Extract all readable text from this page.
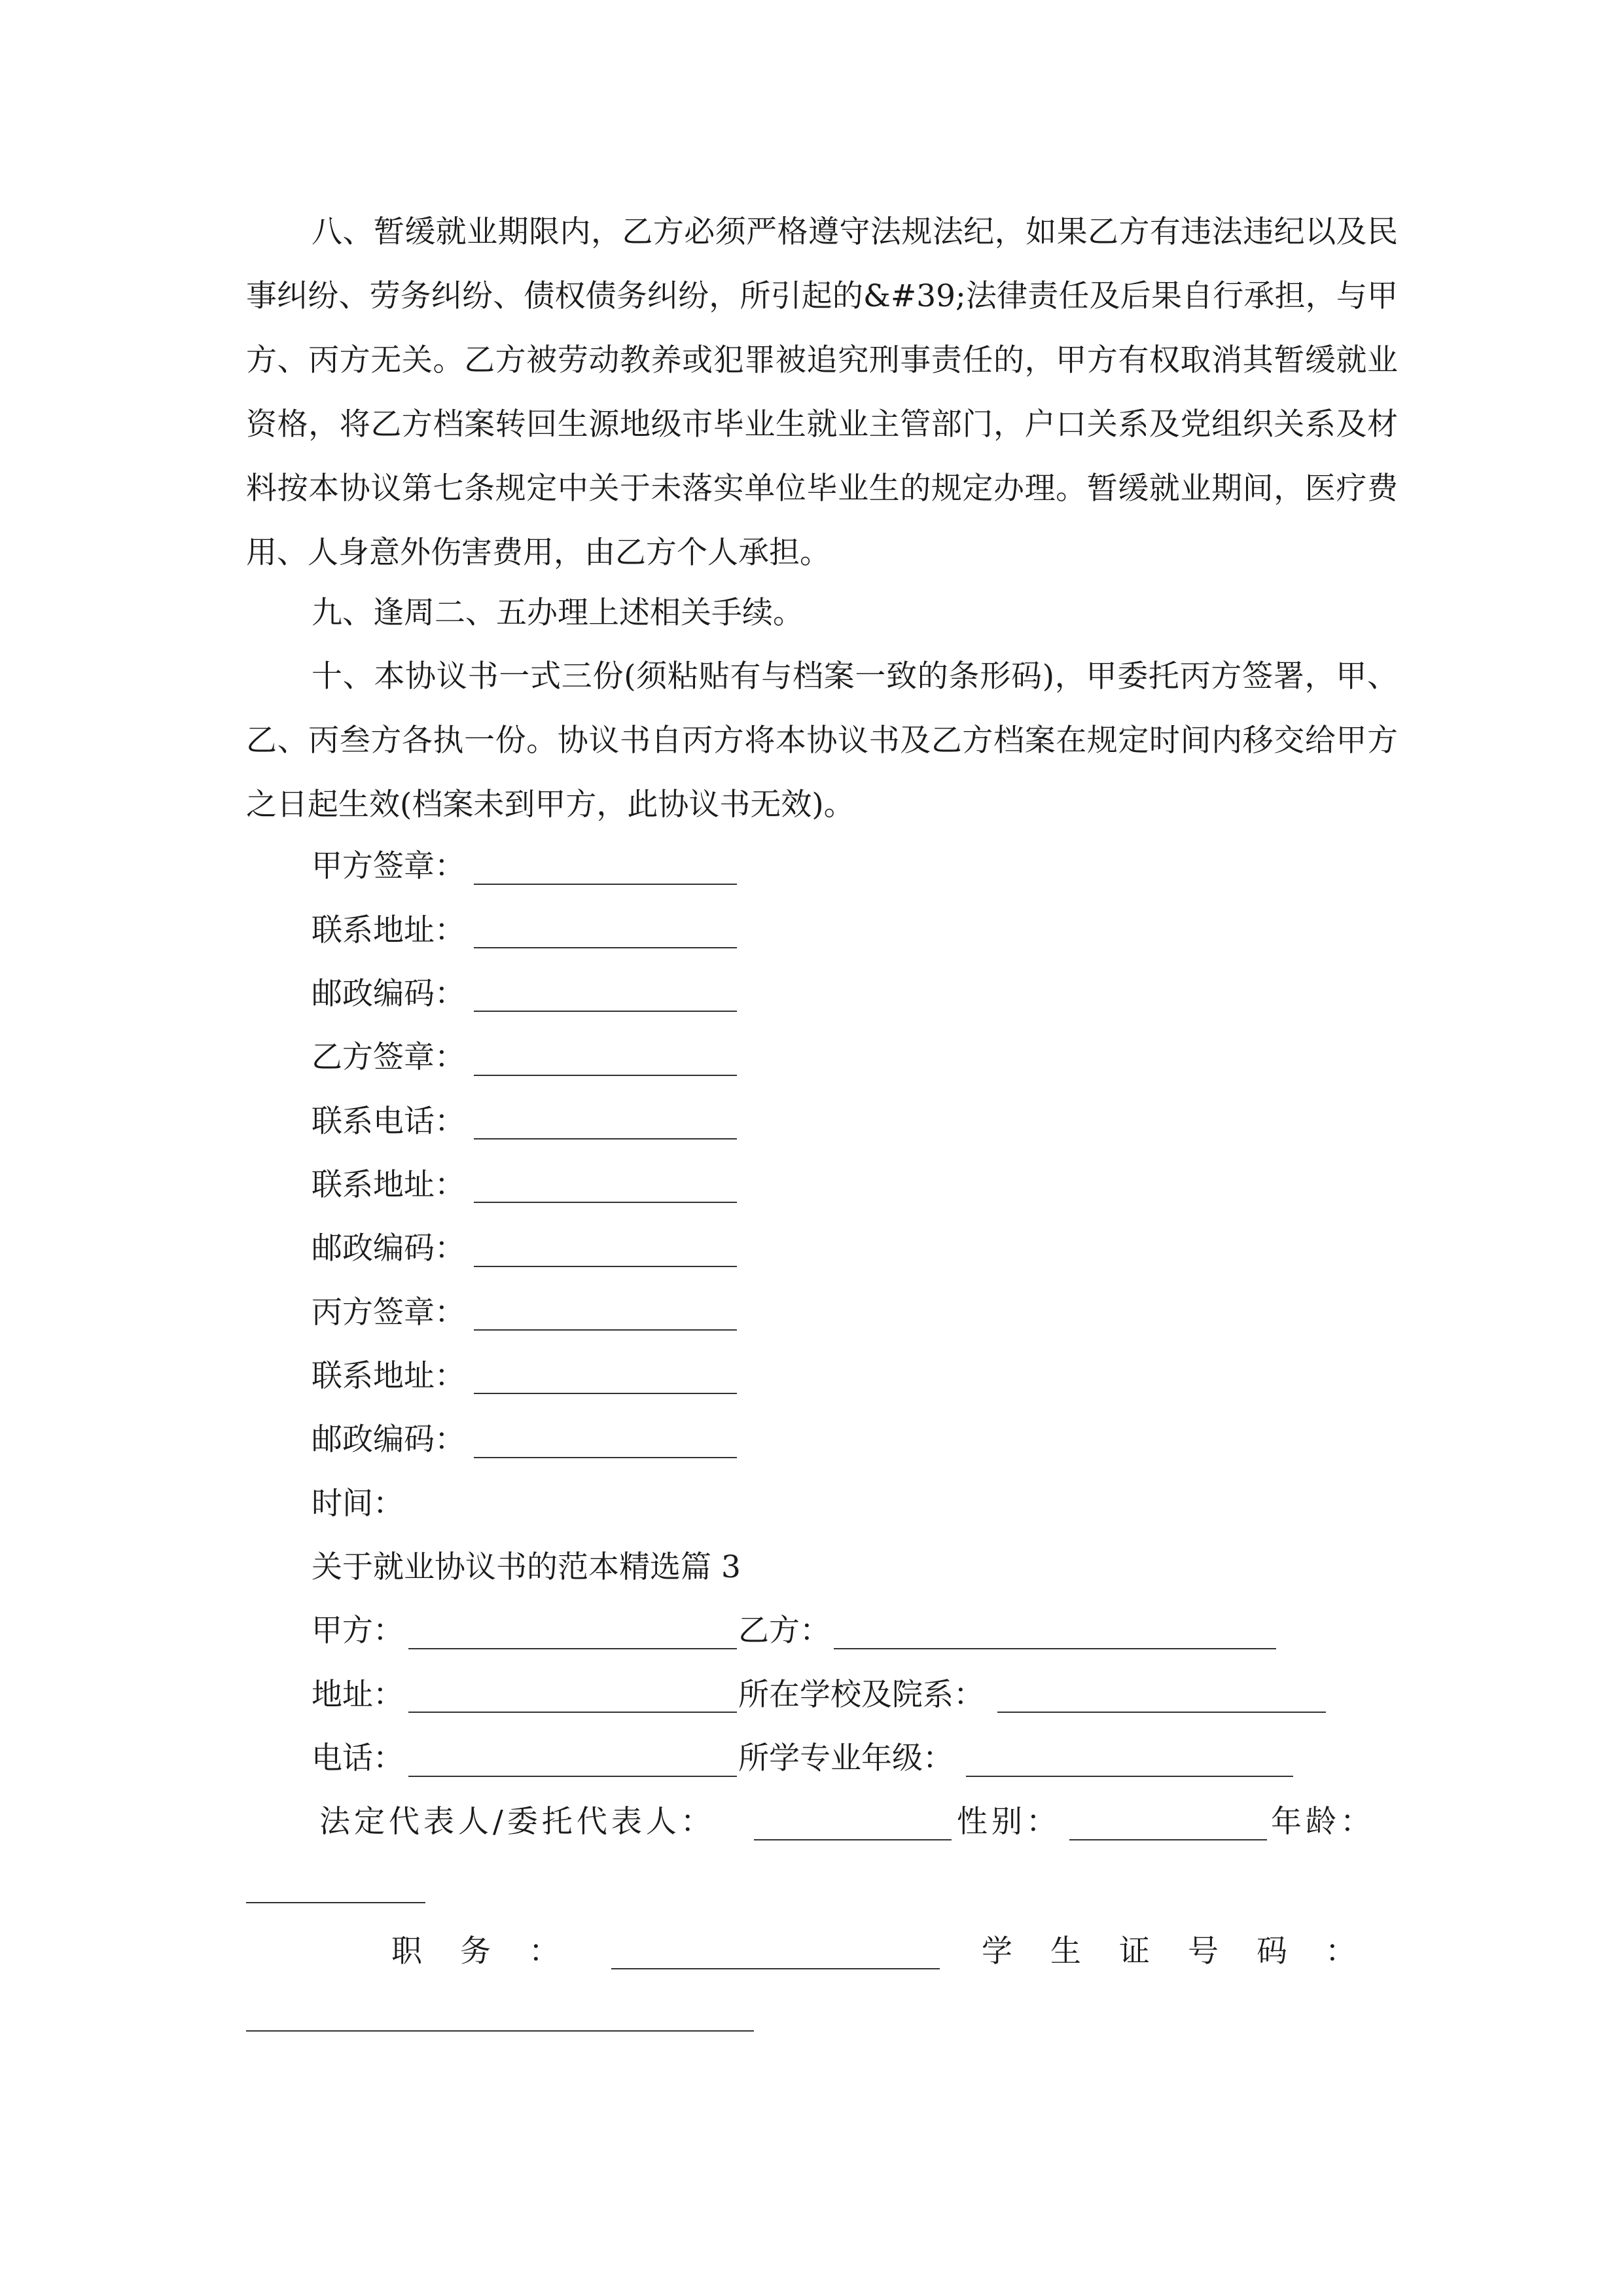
八、暂缓就业期限内，乙方必须严格遵守法规法纪，如果乙方有违法违纪以及民事纠纷、劳务纠纷、债权债务纠纷，所引起的&#39;法律责任及后果自行承担，与甲方、丙方无关。乙方被劳动教养或犯罪被追究刑事责任的，甲方有权取消其暂缓就业资格，将乙方档案转回生源地级市毕业生就业主管部门，户口关系及党组织关系及材料按本协议第七条规定中关于未落实单位毕业生的规定办理。暂缓就业期间，医疗费用、人身意外伤害费用，由乙方个人承担。

九、逢周二、五办理上述相关手续。

十、本协议书一式三份(须粘贴有与档案一致的条形码)，甲委托丙方签署，甲、乙、丙叁方各执一份。协议书自丙方将本协议书及乙方档案在规定时间内移交给甲方之日起生效(档案未到甲方，此协议书无效)。

甲方签章：
联系地址：
邮政编码：
乙方签章：
联系电话：
联系地址：
邮政编码：
丙方签章：
联系地址：
邮政编码：
时间：
关于就业协议书的范本精选篇 3
甲方：	乙方：
地址：	所在学校及院系：
电话：	所学专业年级：
法定代表人/委托代表人：	性别：	年龄：
职务：	学生证号码：
